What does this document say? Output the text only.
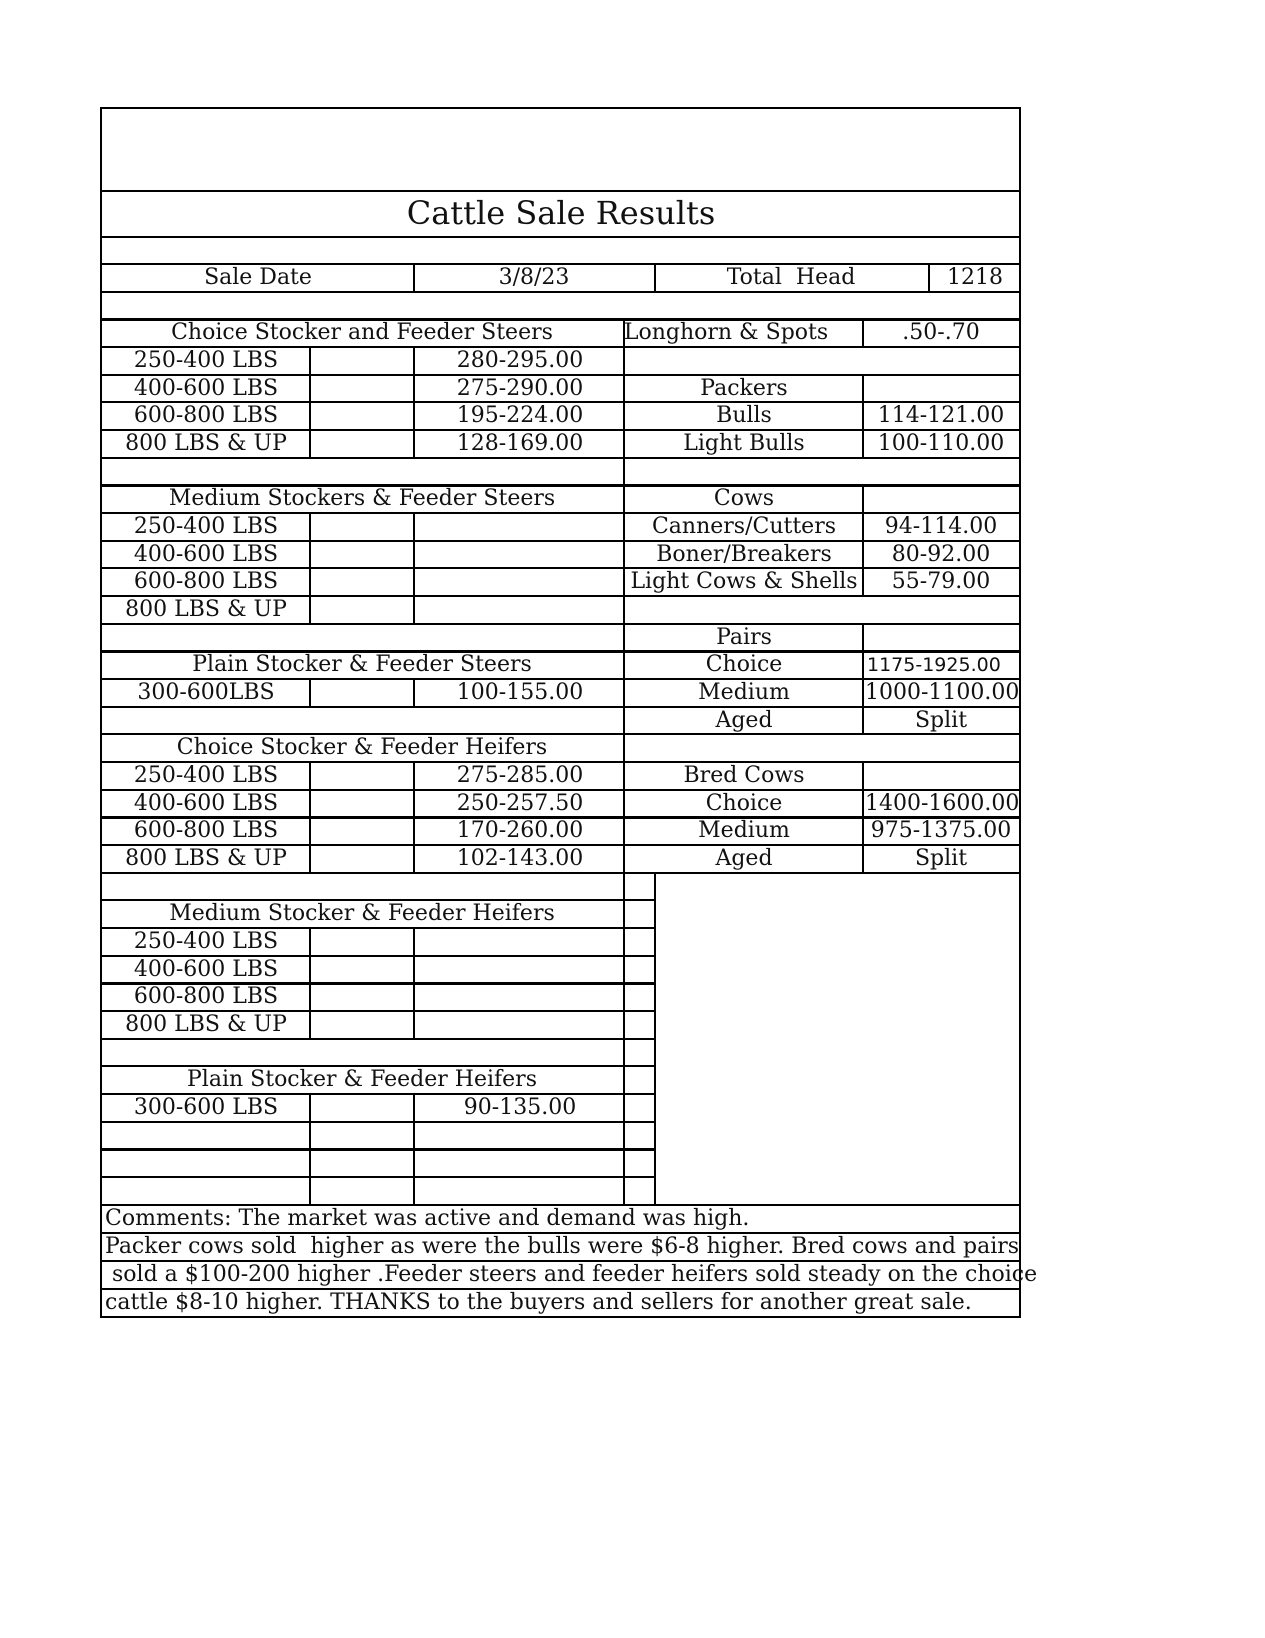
Cattle Sale Results
Sale Date	3/8/23	Total  Head	1218
Choice Stocker and Feeder Steers
250-400 LBS	280-295.00
400-600 LBS	275-290.00
600-800 LBS	195-224.00
800 LBS & UP	128-169.00
Medium Stockers & Feeder Steers
250-400 LBS
400-600 LBS
600-800 LBS
800 LBS & UP
Plain Stocker & Feeder Steers
300-600LBS	100-155.00
Choice Stocker & Feeder Heifers
250-400 LBS	275-285.00
400-600 LBS	250-257.50
600-800 LBS	170-260.00
800 LBS & UP	102-143.00
Medium Stocker & Feeder Heifers
250-400 LBS
400-600 LBS
600-800 LBS
800 LBS & UP
Plain Stocker & Feeder Heifers
300-600 LBS	90-135.00
Longhorn & Spots	.50-.70
Packers
Bulls	114-121.00
Light Bulls	100-110.00
Cows
Canners/Cutters 94-114.00
Boner/Breakers	80-92.00
Light Cows & Shells 55-79.00
Pairs
Choice	1175-1925.00
Medium	1000-1100.00
Aged	Split
Bred Cows
Choice	1400-1600.00
Medium	975-1375.00
Aged	Split
Comments: The market was active and demand was high.
Packer cows sold  higher as were the bulls were $6-8 higher. Bred cows and pairs
sold a $100-200 higher .Feeder steers and feeder heifers sold steady on the choice
cattle $8-10 higher. THANKS to the buyers and sellers for another great sale.
